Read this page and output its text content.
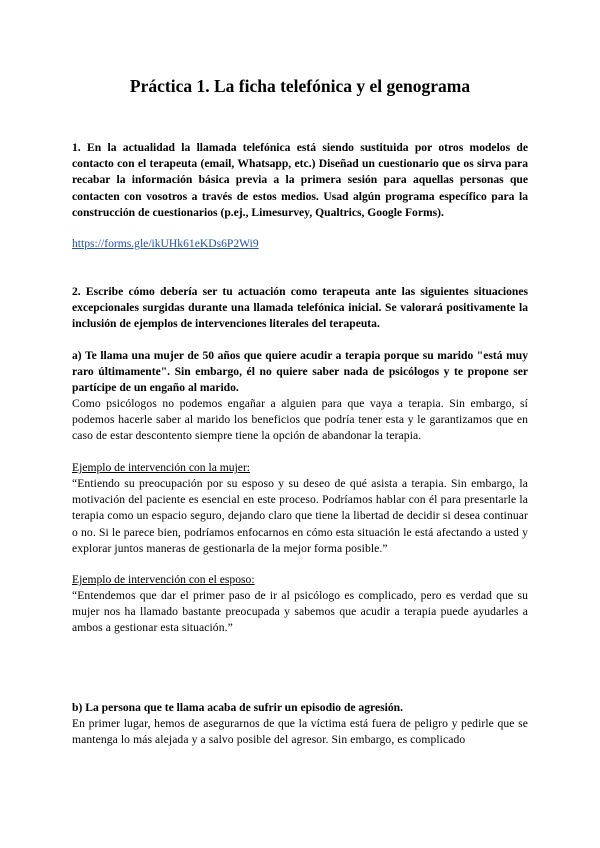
Práctica 1. La ficha telefónica y el genograma

1. En la actualidad la llamada telefónica está siendo sustituida por otros modelos de contacto con el terapeuta (email, Whatsapp, etc.) Diseñad un cuestionario que os sirva para recabar la información básica previa a la primera sesión para aquellas personas que contacten con vosotros a través de estos medios. Usad algún programa específico para la construcción de cuestionarios (p.ej., Limesurvey, Qualtrics, Google Forms).

https://forms.gle/ikUHk61eKDs6P2Wi9

2. Escribe cómo debería ser tu actuación como terapeuta ante las siguientes situaciones excepcionales surgidas durante una llamada telefónica inicial. Se valorará positivamente la inclusión de ejemplos de intervenciones literales del terapeuta.

a) Te llama una mujer de 50 años que quiere acudir a terapia porque su marido "está muy raro últimamente". Sin embargo, él no quiere saber nada de psicólogos y te propone ser partícipe de un engaño al marido.

Como psicólogos no podemos engañar a alguien para que vaya a terapia. Sin embargo, sí podemos hacerle saber al marido los beneficios que podría tener esta y le garantizamos que en caso de estar descontento siempre tiene la opción de abandonar la terapia.

Ejemplo de intervención con la mujer:

“Entiendo su preocupación por su esposo y su deseo de qué asista a terapia. Sin embargo, la motivación del paciente es esencial en este proceso. Podríamos hablar con él para presentarle la terapia como un espacio seguro, dejando claro que tiene la libertad de decidir si desea continuar o no. Si le parece bien, podríamos enfocarnos en cómo esta situación le está afectando a usted y explorar juntos maneras de gestionarla de la mejor forma posible.”

Ejemplo de intervención con el esposo:

“Entendemos que dar el primer paso de ir al psicólogo es complicado, pero es verdad que su mujer nos ha llamado bastante preocupada y sabemos que acudir a terapia puede ayudarles a ambos a gestionar esta situación.”

b) La persona que te llama acaba de sufrir un episodio de agresión.

En primer lugar, hemos de asegurarnos de que la víctima está fuera de peligro y pedirle que se mantenga lo más alejada y a salvo posible del agresor. Sin embargo, es complicado
